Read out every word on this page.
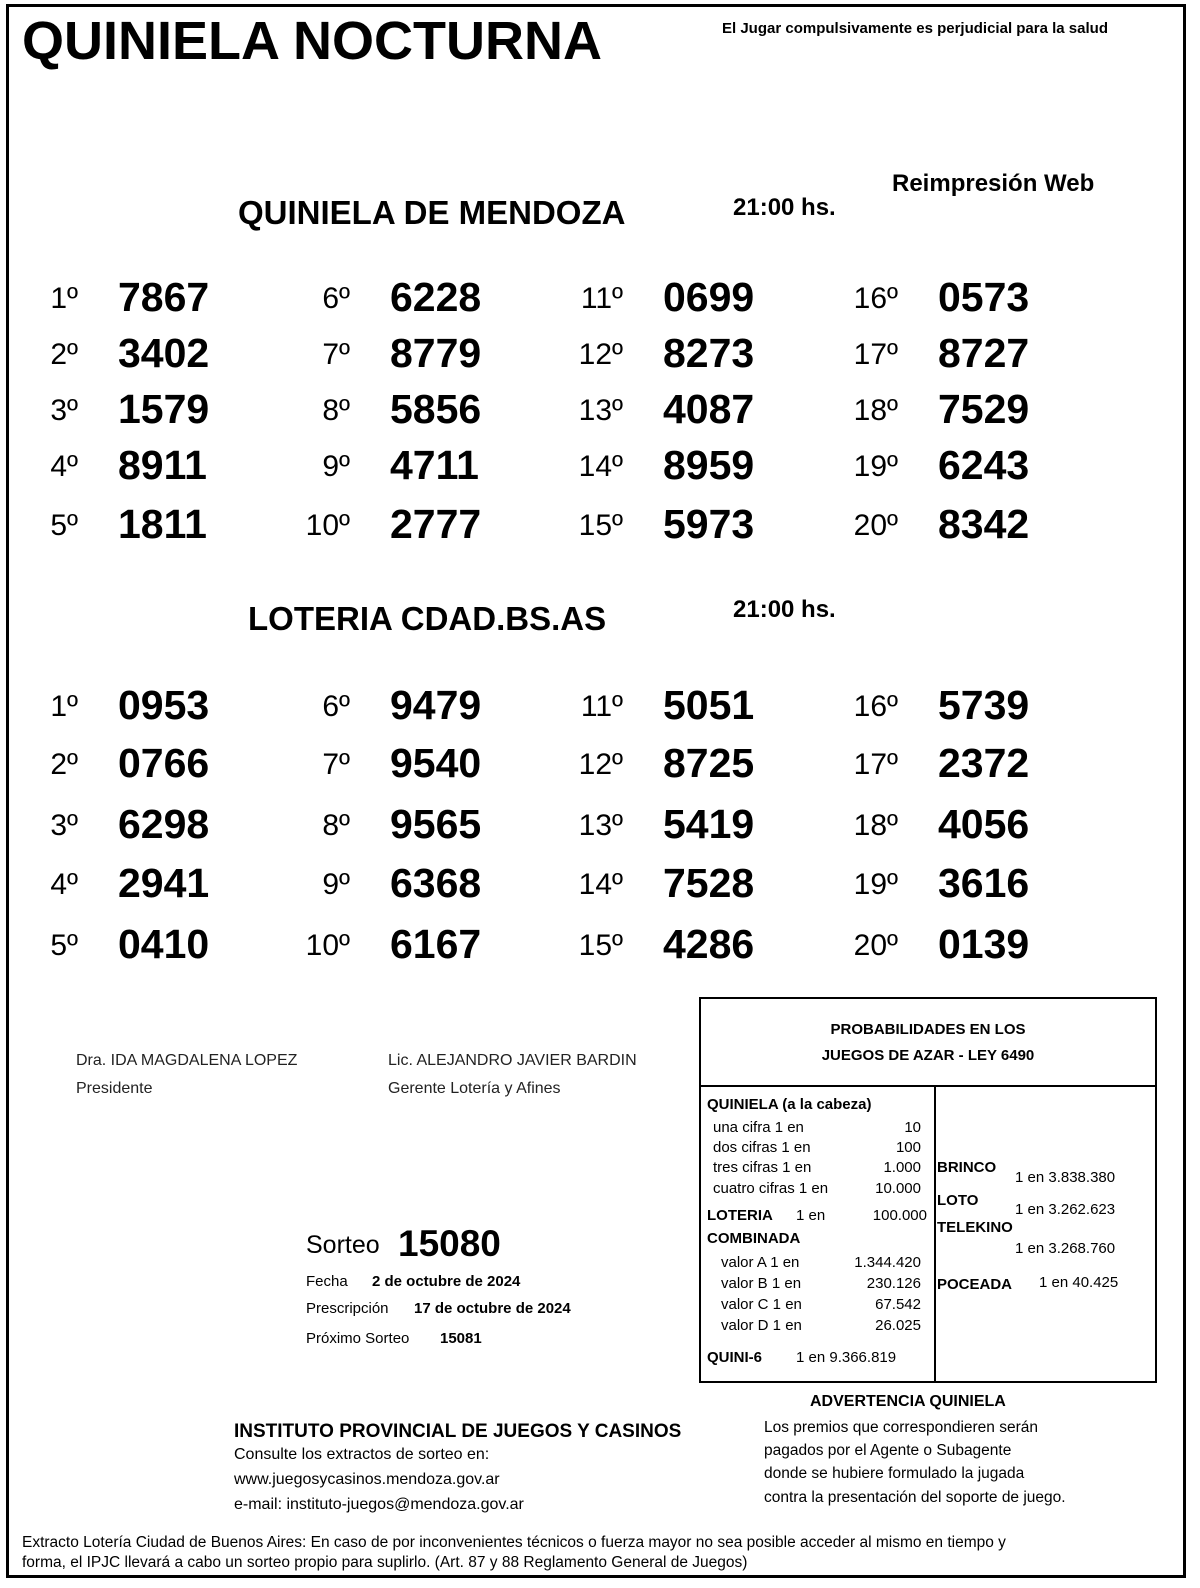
QUINIELA NOCTURNA	El Jugar compulsivamente es perjudicial para la salud
Reimpresión Web
QUINIELA DE MENDOZA	21:00 hs.
1º 7867
2º 3402
3º 1579
4º 8911
5º 1811
6º 6228
7º 8779
8º 5856
9º 4711
10º 2777
11º 0699
12º 8273
13º 4087
14º 8959
15º 5973
16º 0573
17º 8727
18º 7529
19º 6243
20º 8342
LOTERIA CDAD.BS.AS	21:00 hs.
1º 0953
2º 0766
3º 6298
4º 2941
5º 0410
6º 9479
7º 9540
8º 9565
9º 6368
10º 6167
11º 5051
12º 8725
13º 5419
14º 7528
15º 4286
16º 5739
17º 2372
18º 4056
19º 3616
20º 0139
Dra. IDA MAGDALENA LOPEZ
Presidente
Lic. ALEJANDRO JAVIER BARDIN
Gerente Lotería y Afines
Sorteo 15080
Fecha 2 de octubre de 2024
Prescripción 17 de octubre de 2024
Próximo Sorteo 15081
PROBABILIDADES EN LOS
JUEGOS DE AZAR - LEY 6490
QUINIELA (a la cabeza)
una cifra 1 en	10
dos cifras 1 en	100
tres cifras 1 en	1.000
cuatro cifras 1 en	10.000
LOTERIA 1 en	100.000
COMBINADA
valor A 1 en	1.344.420
valor B 1 en	230.126
valor C 1 en	67.542
valor D 1 en	26.025
QUINI-6 1 en 9.366.819
BRINCO
1 en 3.838.380
LOTO
1 en 3.262.623
TELEKINO
1 en 3.268.760
POCEADA 1 en 40.425
INSTITUTO PROVINCIAL DE JUEGOS Y CASINOS
Consulte los extractos de sorteo en:
www.juegosycasinos.mendoza.gov.ar
e-mail: instituto-juegos@mendoza.gov.ar
ADVERTENCIA QUINIELA
Los premios que correspondieren serán
pagados por el Agente o Subagente
donde se hubiere formulado la jugada
contra la presentación del soporte de juego.
Extracto Lotería Ciudad de Buenos Aires: En caso de por inconvenientes técnicos o fuerza mayor no sea posible acceder al mismo en tiempo y
forma, el IPJC llevará a cabo un sorteo propio para suplirlo. (Art. 87 y 88 Reglamento General de Juegos)
